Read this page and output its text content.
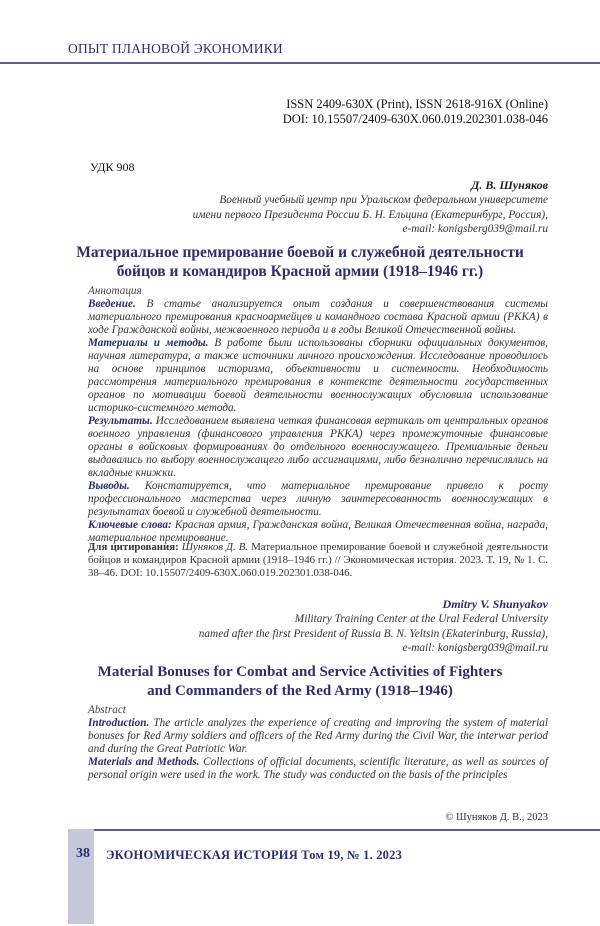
ОПЫТ ПЛАНОВОЙ ЭКОНОМИКИ
ISSN 2409-630X (Print), ISSN 2618-916X (Online)
DOI: 10.15507/2409-630X.060.019.202301.038-046
УДК 908
Д. В. Шуняков
Военный учебный центр при Уральском федеральном университете
имени первого Президента России Б. Н. Ельцина (Екатеринбург, Россия),
e-mail: konigsberg039@mail.ru
Материальное премирование боевой и служебной деятельности
бойцов и командиров Красной армии (1918–1946 гг.)

Аннотация

Введение. В статье анализируется опыт создания и совершенствования системы материального премирования красноармейцев и командного состава Красной армии (РККА) в ходе Гражданской войны, межвоенного периода и в годы Великой Отечественной войны.

Материалы и методы. В работе были использованы сборники официальных документов, научная литература, а также источники личного происхождения. Исследование проводилось на основе принципов историзма, объективности и системности. Необходимость рассмотрения материального премирования в контексте деятельности государственных органов по мотивации боевой деятельности военнослужащих обусловила использование историко-системного метода.

Результаты. Исследованием выявлена четкая финансовая вертикаль от центральных органов военного управления (финансового управления РККА) через промежуточные финансовые органы в войсковых формированиях до отдельного военнослужащего. Премиальные деньги выдавались по выбору военнослужащего либо ассигнациями, либо безналично перечислялись на вкладные книжки.

Выводы. Констатируется, что материальное премирование привело к росту профессионального мастерства через личную заинтересованность военнослужащих в результатах боевой и служебной деятельности.

Ключевые слова: Красная армия, Гражданская война, Великая Отечественная война, награда, материальное премирование.

Для цитирования: Шуняков Д. В. Материальное премирование боевой и служебной деятельности бойцов и командиров Красной армии (1918–1946 гг.) // Экономическая история. 2023. Т. 19, № 1. С. 38–46. DOI: 10.15507/2409-630X.060.019.202301.038-046.
Dmitry V. Shunyakov
Military Training Center at the Ural Federal University
named after the first President of Russia B. N. Yeltsin (Ekaterinburg, Russia),
e-mail: konigsberg039@mail.ru
Material Bonuses for Combat and Service Activities of Fighters
and Commanders of the Red Army (1918–1946)

Abstract

Introduction. The article analyzes the experience of creating and improving the system of material bonuses for Red Army soldiers and officers of the Red Army during the Civil War, the interwar period and during the Great Patriotic War.

Materials and Methods. Collections of official documents, scientific literature, as well as sources of personal origin were used in the work. The study was conducted on the basis of the principles

© Шуняков Д. В., 2023
38 ЭКОНОМИЧЕСКАЯ ИСТОРИЯ Том 19, № 1. 2023
